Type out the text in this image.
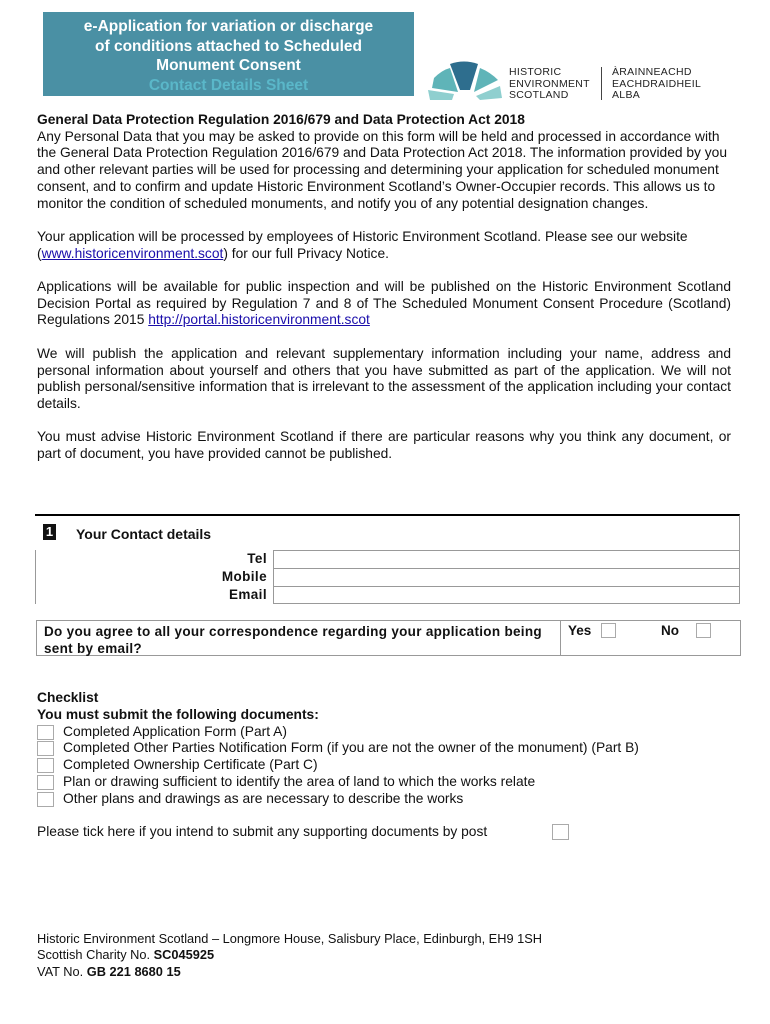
e-Application for variation or discharge
of conditions attached to Scheduled
Monument Consent
Contact Details Sheet
HISTORIC
ENVIRONMENT
SCOTLAND
ÀRAINNEACHD
EACHDRAIDHEIL
ALBA

General Data Protection Regulation 2016/679 and Data Protection Act 2018
Any Personal Data that you may be asked to provide on this form will be held and processed in accordance with the General Data Protection Regulation 2016/679 and Data Protection Act 2018. The information provided by you and other relevant parties will be used for processing and determining your application for scheduled monument consent, and to confirm and update Historic Environment Scotland’s Owner-Occupier records. This allows us to monitor the condition of scheduled monuments, and notify you of any potential designation changes.

Your application will be processed by employees of Historic Environment Scotland. Please see our website (www.historicenvironment.scot) for our full Privacy Notice.

Applications will be available for public inspection and will be published on the Historic Environment Scotland Decision Portal as required by Regulation 7 and 8 of The Scheduled Monument Consent Procedure (Scotland) Regulations 2015 http://portal.historicenvironment.scot

We will publish the application and relevant supplementary information including your name, address and personal information about yourself and others that you have submitted as part of the application. We will not publish personal/sensitive information that is irrelevant to the assessment of the application including your contact details.

You must advise Historic Environment Scotland if there are particular reasons why you think any document, or part of document, you have provided cannot be published.

1 Your Contact details
Tel
Mobile
Email
Do you agree to all your correspondence regarding your application being sent by email?
Yes	No
Checklist
You must submit the following documents:
Completed Application Form (Part A)
Completed Other Parties Notification Form (if you are not the owner of the monument) (Part B)
Completed Ownership Certificate (Part C)
Plan or drawing sufficient to identify the area of land to which the works relate
Other plans and drawings as are necessary to describe the works
Please tick here if you intend to submit any supporting documents by post
Historic Environment Scotland – Longmore House, Salisbury Place, Edinburgh, EH9 1SH
Scottish Charity No. SC045925
VAT No. GB 221 8680 15
